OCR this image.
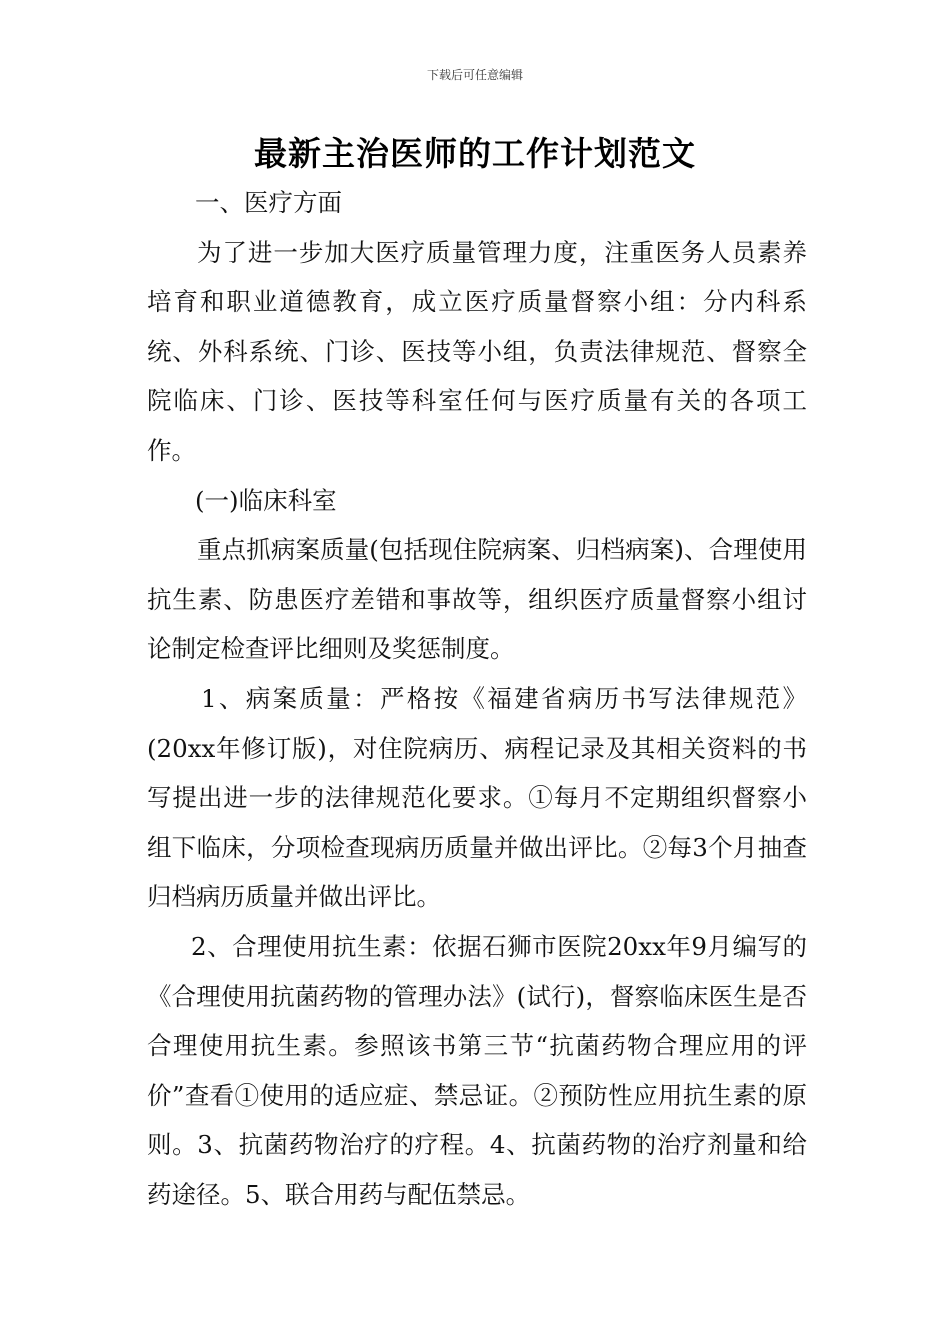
下载后可任意编辑
最新主治医师的工作计划范文

一、医疗方面

为了进一步加大医疗质量管理力度，注重医务人员素养培育和职业道德教育，成立医疗质量督察小组：分内科系统、外科系统、门诊、医技等小组，负责法律规范、督察全院临床、门诊、医技等科室任何与医疗质量有关的各项工作。

(一)临床科室

重点抓病案质量(包括现住院病案、归档病案)、合理使用抗生素、防患医疗差错和事故等，组织医疗质量督察小组讨论制定检查评比细则及奖惩制度。

1、病案质量：严格按《福建省病历书写法律规范》(20xx年修订版)，对住院病历、病程记录及其相关资料的书写提出进一步的法律规范化要求。①每月不定期组织督察小组下临床，分项检查现病历质量并做出评比。②每3个月抽查归档病历质量并做出评比。

2、合理使用抗生素：依据石狮市医院20xx年9月编写的《合理使用抗菌药物的管理办法》(试行)，督察临床医生是否合理使用抗生素。参照该书第三节“抗菌药物合理应用的评价”查看①使用的适应症、禁忌证。②预防性应用抗生素的原则。3、抗菌药物治疗的疗程。4、抗菌药物的治疗剂量和给药途径。5、联合用药与配伍禁忌。
